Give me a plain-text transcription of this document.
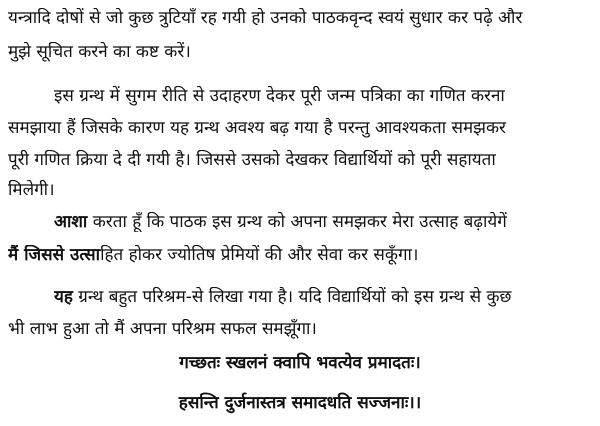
यन्त्रादि दोषों से जो कुछ त्रुटियाँ रह गयी हो उनको पाठकवृन्द स्वयं सुधार कर पढ़े और
मुझे सूचित करने का कष्ट करें।
इस ग्रन्थ में सुगम रीति से उदाहरण देकर पूरी जन्म पत्रिका का गणित करना
समझाया हैं जिसके कारण यह ग्रन्थ अवश्य बढ़ गया है परन्तु आवश्यकता समझकर
पूरी गणित क्रिया दे दी गयी है। जिससे उसको देखकर विद्यार्थियों को पूरी सहायता
मिलेगी।
आशा करता हूँ कि पाठक इस ग्रन्थ को अपना समझकर मेरा उत्साह बढ़ायेगें
मैं जिससे उत्साहित होकर ज्योतिष प्रेमियों की और सेवा कर सकूँगा।
यह ग्रन्थ बहुत परिश्रम-से लिखा गया है। यदि विद्यार्थियों को इस ग्रन्थ से कुछ
भी लाभ हुआ तो मैं अपना परिश्रम सफल समझूँगा।
गच्छतः स्खलनं क्वापि भवत्येव प्रमादतः।
हसन्ति दुर्जनास्तत्र समादधति सज्जनाः।।
